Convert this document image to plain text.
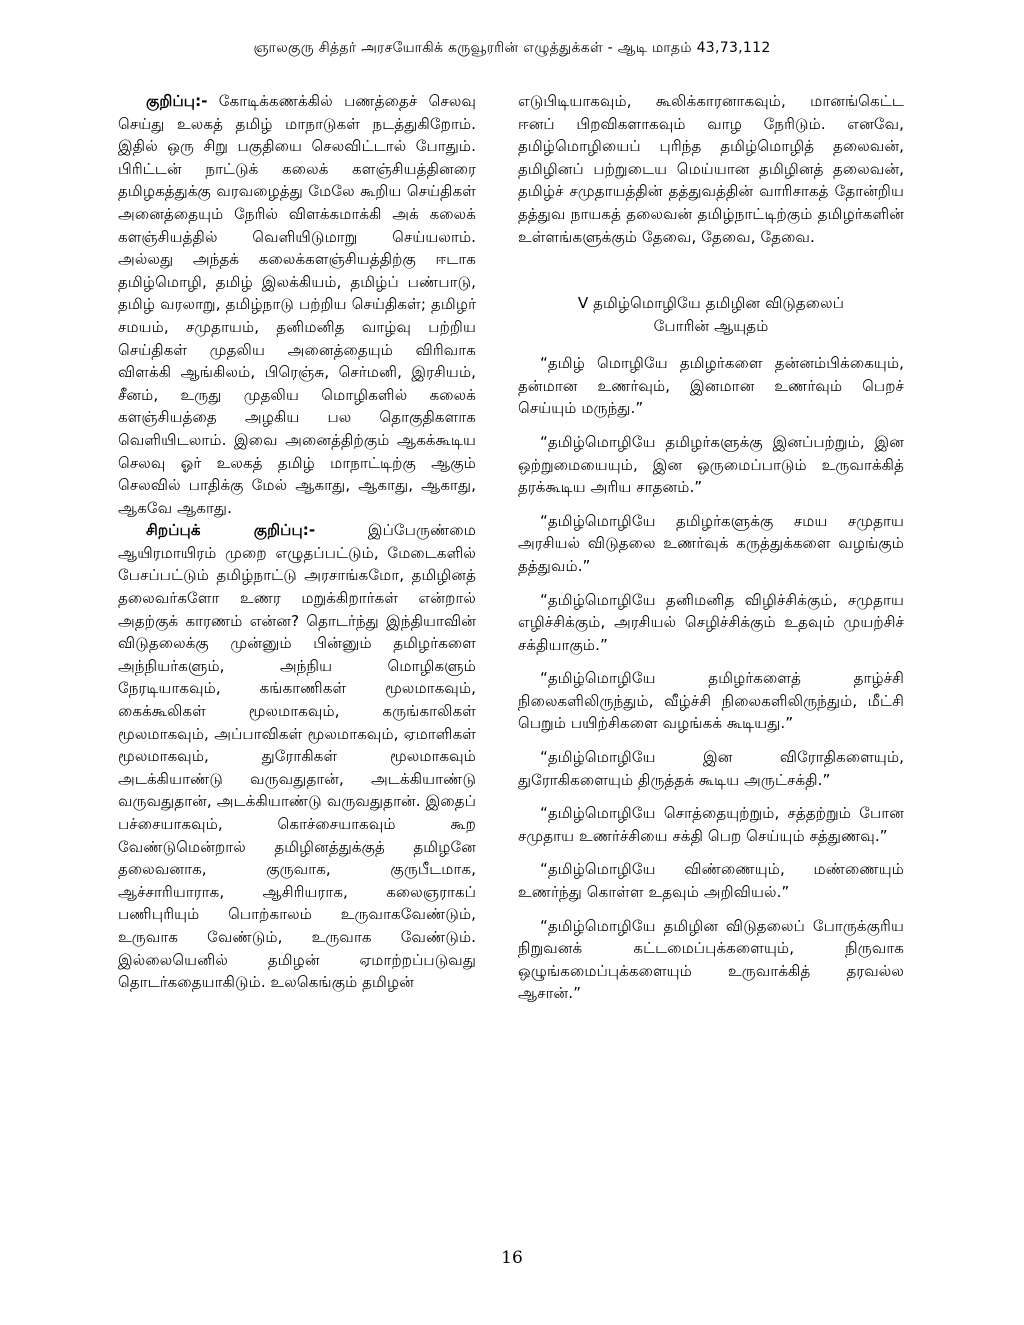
ஞாலகுரு சித்தர் அரசயோகிக் கருவூரரின் எழுத்துக்கள் - ஆடி மாதம் 43,73,112

குறிப்பு:- கோடிக்கணக்கில் பணத்தைச் செலவு செய்து உலகத் தமிழ் மாநாடுகள் நடத்துகிறோம். இதில் ஒரு சிறு பகுதியை செலவிட்டால் போதும். பிரிட்டன் நாட்டுக் கலைக் களஞ்சியத்தினரை தமிழகத்துக்கு வரவழைத்து மேலே கூறிய செய்திகள் அனைத்தையும் நேரில் விளக்கமாக்கி அக் கலைக் களஞ்சியத்தில் வெளியிடுமாறு செய்யலாம். அல்லது அந்தக் கலைக்களஞ்சியத்திற்கு ஈடாக தமிழ்மொழி, தமிழ் இலக்கியம், தமிழ்ப் பண்பாடு, தமிழ் வரலாறு, தமிழ்நாடு பற்றிய செய்திகள்; தமிழர் சமயம், சமுதாயம், தனிமனித வாழ்வு பற்றிய செய்திகள் முதலிய அனைத்தையும் விரிவாக விளக்கி ஆங்கிலம், பிரெஞ்சு, செர்மனி, இரசியம், சீனம், உருது முதலிய மொழிகளில் கலைக் களஞ்சியத்தை அழகிய பல தொகுதிகளாக வெளியிடலாம். இவை அனைத்திற்கும் ஆகக்கூடிய செலவு ஓர் உலகத் தமிழ் மாநாட்டிற்கு ஆகும் செலவில் பாதிக்கு மேல் ஆகாது, ஆகாது, ஆகாது, ஆகவே ஆகாது.

சிறப்புக் குறிப்பு:-	இப்பேருண்மை ஆயிரமாயிரம் முறை எழுதப்பட்டும், மேடைகளில் பேசப்பட்டும் தமிழ்நாட்டு அரசாங்கமோ, தமிழினத் தலைவர்களோ உணர மறுக்கிறார்கள் என்றால் அதற்குக் காரணம் என்ன? தொடர்ந்து இந்தியாவின் விடுதலைக்கு முன்னும் பின்னும் தமிழர்களை அந்நியர்களும், அந்நிய மொழிகளும் நேரடியாகவும், கங்காணிகள் மூலமாகவும், கைக்கூலிகள் மூலமாகவும், கருங்காலிகள் மூலமாகவும், அப்பாவிகள் மூலமாகவும், ஏமாளிகள் மூலமாகவும், துரோகிகள் மூலமாகவும் அடக்கியாண்டு வருவதுதான், அடக்கியாண்டு வருவதுதான், அடக்கியாண்டு வருவதுதான். இதைப் பச்சையாகவும், கொச்சையாகவும் கூற வேண்டுமென்றால் தமிழினத்துக்குத் தமிழனே தலைவனாக, குருவாக, குருபீடமாக, ஆச்சாரியாராக, ஆசிரியராக, கலைஞராகப் பணிபுரியும் பொற்காலம் உருவாகவேண்டும், உருவாக வேண்டும், உருவாக வேண்டும். இல்லையெனில் தமிழன் ஏமாற்றப்படுவது தொடர்கதையாகிடும். உலகெங்கும் தமிழன்

எடுபிடியாகவும், கூலிக்காரனாகவும், மானங்கெட்ட ஈனப் பிறவிகளாகவும் வாழ நேரிடும். எனவே, தமிழ்மொழியைப் புரிந்த தமிழ்மொழித் தலைவன், தமிழினப் பற்றுடைய மெய்யான தமிழினத் தலைவன், தமிழ்ச் சமுதாயத்தின் தத்துவத்தின் வாரிசாகத் தோன்றிய தத்துவ நாயகத் தலைவன் தமிழ்நாட்டிற்கும் தமிழர்களின் உள்ளங்களுக்கும் தேவை, தேவை, தேவை.

V தமிழ்மொழியே தமிழின விடுதலைப்
போரின் ஆயுதம்

“தமிழ் மொழியே தமிழர்களை தன்னம்பிக்கையும், தன்மான உணர்வும், இனமான உணர்வும் பெறச் செய்யும் மருந்து.”

“தமிழ்மொழியே தமிழர்களுக்கு இனப்பற்றும், இன ஒற்றுமையையும், இன ஒருமைப்பாடும் உருவாக்கித் தரக்கூடிய அரிய சாதனம்.”

“தமிழ்மொழியே தமிழர்களுக்கு சமய சமுதாய அரசியல் விடுதலை உணர்வுக் கருத்துக்களை வழங்கும் தத்துவம்.”

“தமிழ்மொழியே தனிமனித விழிச்சிக்கும், சமுதாய எழிச்சிக்கும், அரசியல் செழிச்சிக்கும் உதவும் முயற்சிச் சக்தியாகும்.”

“தமிழ்மொழியே தமிழர்களைத் தாழ்ச்சி நிலைகளிலிருந்தும், வீழ்ச்சி நிலைகளிலிருந்தும், மீட்சி பெறும் பயிற்சிகளை வழங்கக் கூடியது.”

“தமிழ்மொழியே இன விரோதிகளையும், துரோகிகளையும் திருத்தக் கூடிய அருட்சக்தி.”

“தமிழ்மொழியே சொத்தையுற்றும், சத்தற்றும் போன சமுதாய உணர்ச்சியை சக்தி பெற செய்யும் சத்துணவு.”

“தமிழ்மொழியே விண்ணையும், மண்ணையும் உணர்ந்து கொள்ள உதவும் அறிவியல்.”

“தமிழ்மொழியே தமிழின விடுதலைப் போருக்குரிய நிறுவனக் கட்டமைப்புக்களையும், நிருவாக ஒழுங்கமைப்புக்களையும் உருவாக்கித் தரவல்ல ஆசான்.”

16
